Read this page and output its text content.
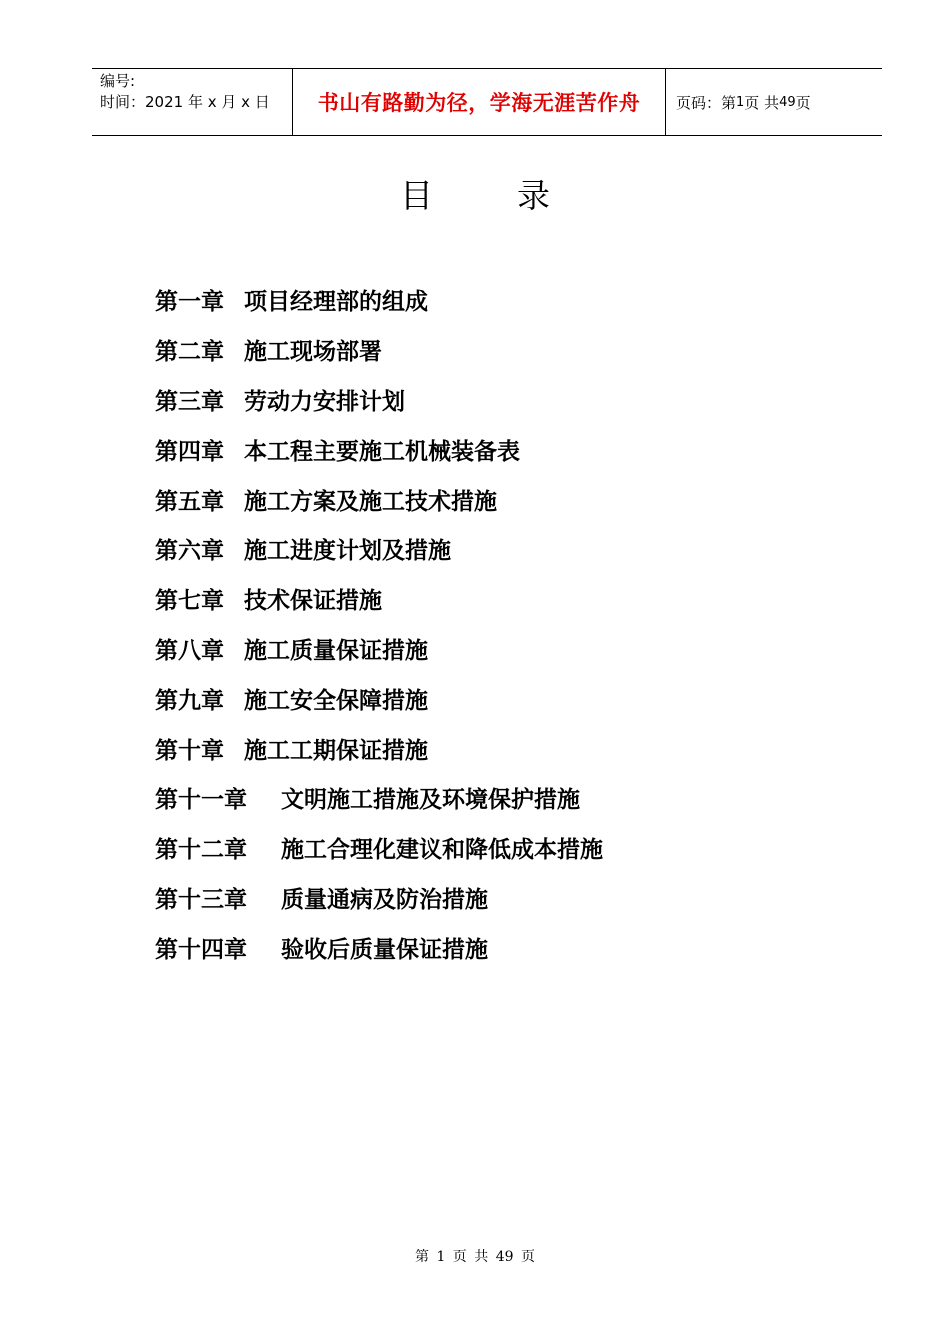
编号:
时间：2021 年 x 月 x 日	书山有路勤为径，学海无涯苦作舟 页码：第 1 页 共 49 页
目	录
第一章 项目经理部的组成
第二章 施工现场部署
第三章 劳动力安排计划
第四章 本工程主要施工机械装备表
第五章 施工方案及施工技术措施
第六章 施工进度计划及措施
第七章 技术保证措施
第八章 施工质量保证措施
第九章 施工安全保障措施
第十章 施工工期保证措施
第十一章	文明施工措施及环境保护措施
第十二章	施工合理化建议和降低成本措施
第十三章	质量通病及防治措施
第十四章	验收后质量保证措施
第 1 页 共 49 页
